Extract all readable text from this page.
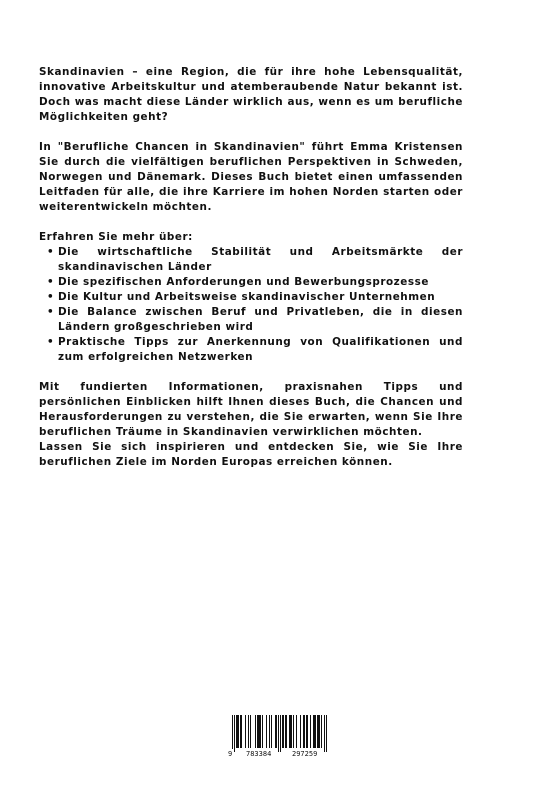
Skandinavien – eine Region, die für ihre hohe Lebensqualität, innovative Arbeitskultur und atemberaubende Natur bekannt ist. Doch was macht diese Länder wirklich aus, wenn es um berufliche Möglichkeiten geht?

In "Berufliche Chancen in Skandinavien" führt Emma Kristensen Sie durch die vielfältigen beruflichen Perspektiven in Schweden, Norwegen und Dänemark. Dieses Buch bietet einen umfassenden Leitfaden für alle, die ihre Karriere im hohen Norden starten oder weiterentwickeln möchten.

Erfahren Sie mehr über:

• Die wirtschaftliche Stabilität und Arbeitsmärkte der skandinavischen Länder
• Die spezifischen Anforderungen und Bewerbungsprozesse
• Die Kultur und Arbeitsweise skandinavischer Unternehmen
• Die Balance zwischen Beruf und Privatleben, die in diesen Ländern großgeschrieben wird
• Praktische Tipps zur Anerkennung von Qualifikationen und zum erfolgreichen Netzwerken

Mit fundierten Informationen, praxisnahen Tipps und persönlichen Einblicken hilft Ihnen dieses Buch, die Chancen und Herausforderungen zu verstehen, die Sie erwarten, wenn Sie Ihre beruflichen Träume in Skandinavien verwirklichen möchten.

Lassen Sie sich inspirieren und entdecken Sie, wie Sie Ihre beruflichen Ziele im Norden Europas erreichen können.

9 783384	297259
